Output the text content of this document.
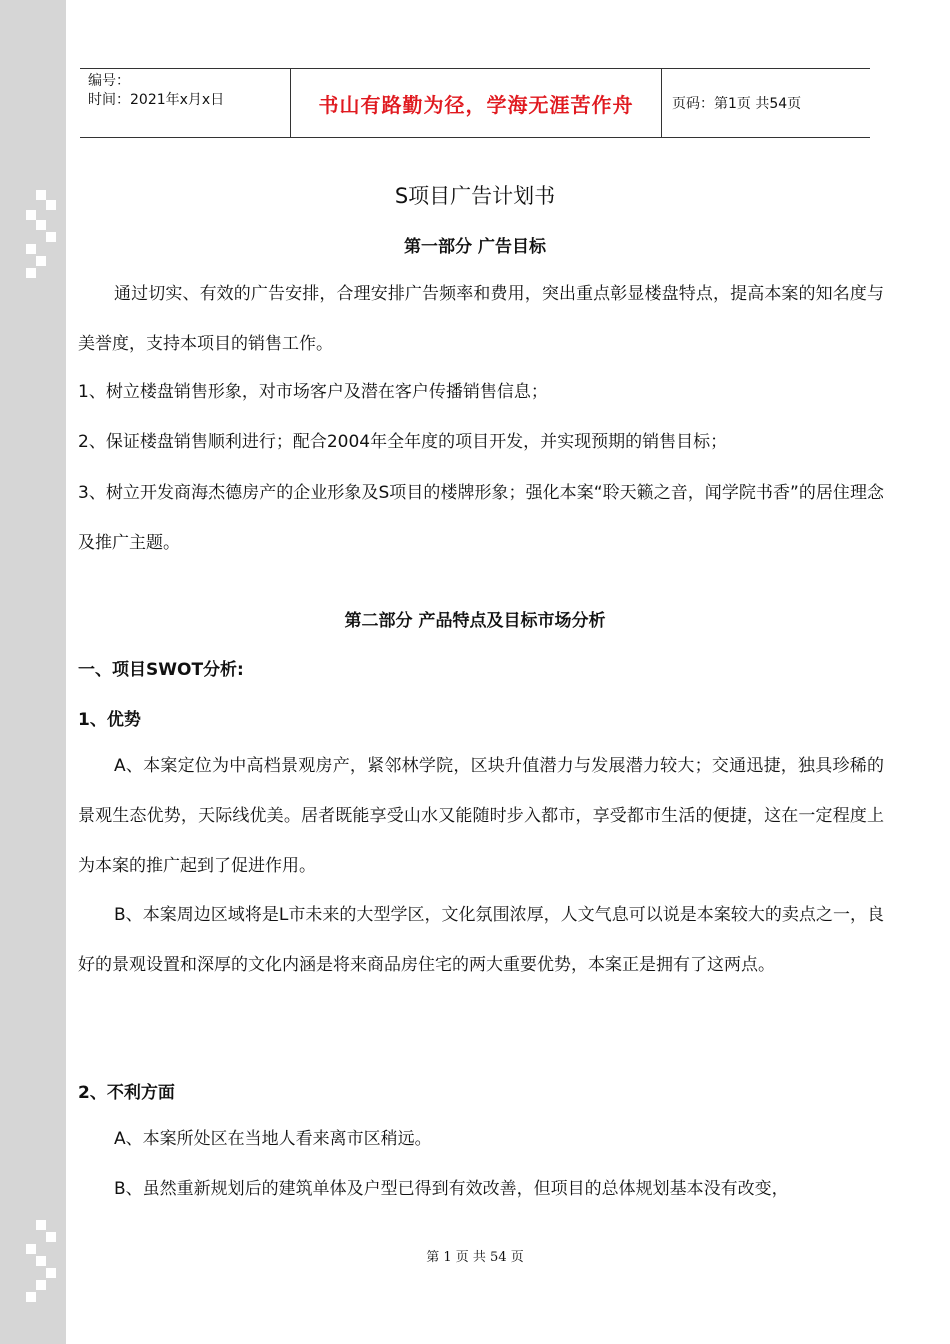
编号：
时间：2021年x月x日	书山有路勤为径，学海无涯苦作舟	页码：第1页 共54页
S项目广告计划书
第一部分 广告目标
通过切实、有效的广告安排，合理安排广告频率和费用，突出重点彰显楼盘特点，提高本案的知名度与美誉度，支持本项目的销售工作。
1、树立楼盘销售形象，对市场客户及潜在客户传播销售信息；
2、保证楼盘销售顺利进行；配合2004年全年度的项目开发，并实现预期的销售目标；
3、树立开发商海杰德房产的企业形象及S项目的楼牌形象；强化本案“聆天籁之音，闻学院书香”的居住理念及推广主题。
第二部分 产品特点及目标市场分析
一、项目SWOT分析:
1、优势
A、本案定位为中高档景观房产，紧邻林学院，区块升值潜力与发展潜力较大；交通迅捷，独具珍稀的景观生态优势，天际线优美。居者既能享受山水又能随时步入都市，享受都市生活的便捷，这在一定程度上为本案的推广起到了促进作用。
B、本案周边区域将是L市未来的大型学区，文化氛围浓厚，人文气息可以说是本案较大的卖点之一，良好的景观设置和深厚的文化内涵是将来商品房住宅的两大重要优势，本案正是拥有了这两点。
2、不利方面
A、本案所处区在当地人看来离市区稍远。
B、虽然重新规划后的建筑单体及户型已得到有效改善，但项目的总体规划基本没有改变，
第 1 页 共 54 页
